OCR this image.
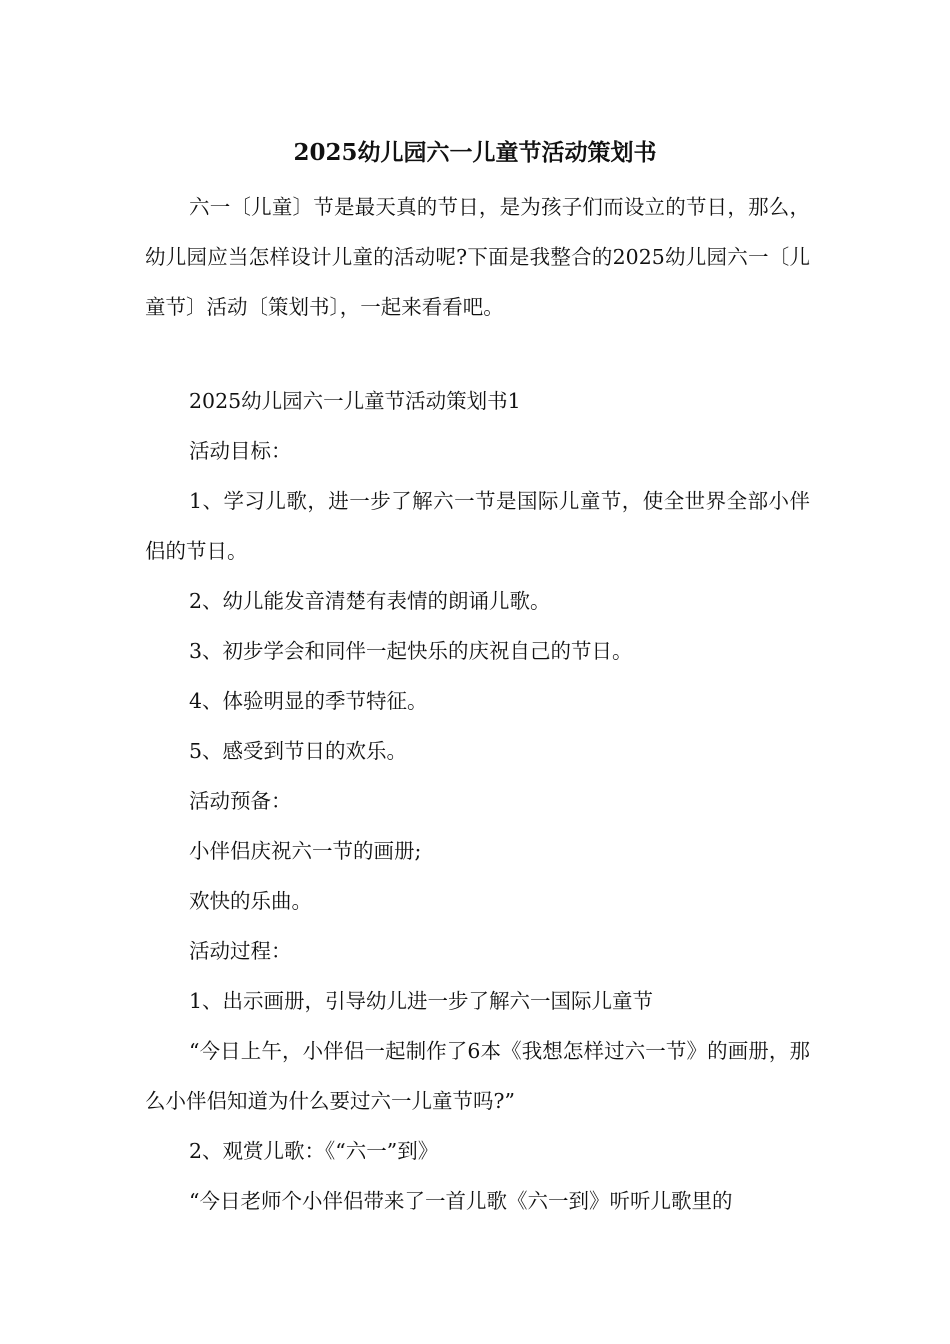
2025幼儿园六一儿童节活动策划书

六一〔儿童〕节是最天真的节日，是为孩子们而设立的节日，那么，幼儿园应当怎样设计儿童的活动呢?下面是我整合的2025幼儿园六一〔儿童节〕活动〔策划书〕，一起来看看吧。

2025幼儿园六一儿童节活动策划书1

活动目标：

1、学习儿歌，进一步了解六一节是国际儿童节，使全世界全部小伴侣的节日。

2、幼儿能发音清楚有表情的朗诵儿歌。

3、初步学会和同伴一起快乐的庆祝自己的节日。

4、体验明显的季节特征。

5、感受到节日的欢乐。

活动预备：

小伴侣庆祝六一节的画册;

欢快的乐曲。

活动过程：

1、出示画册，引导幼儿进一步了解六一国际儿童节

“今日上午，小伴侣一起制作了6本《我想怎样过六一节》的画册，那么小伴侣知道为什么要过六一儿童节吗?”

2、观赏儿歌：《“六一”到》

“今日老师个小伴侣带来了一首儿歌《六一到》听听儿歌里的
